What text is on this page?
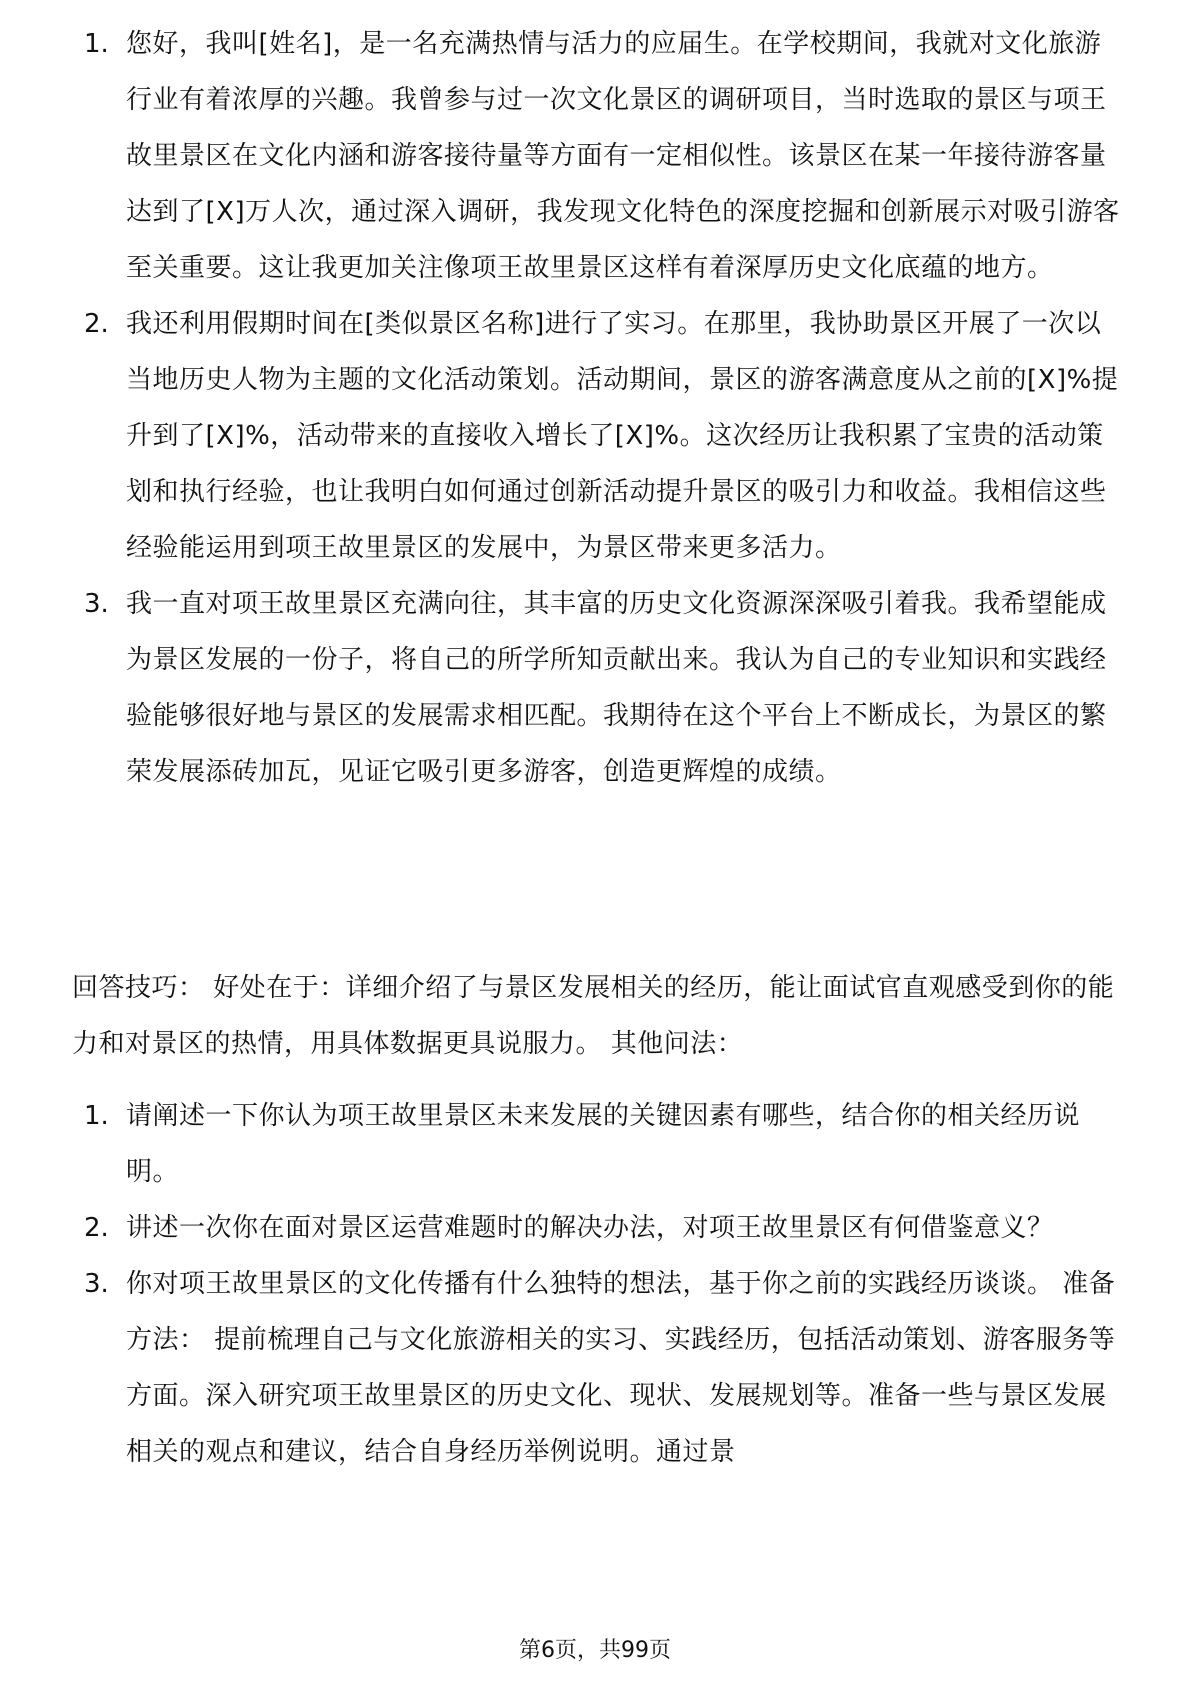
1. 您好，我叫[姓名]，是一名充满热情与活力的应届生。在学校期间，我就对文化旅游行业有着浓厚的兴趣。我曾参与过一次文化景区的调研项目，当时选取的景区与项王故里景区在文化内涵和游客接待量等方面有一定相似性。该景区在某一年接待游客量达到了[X]万人次，通过深入调研，我发现文化特色的深度挖掘和创新展示对吸引游客至关重要。这让我更加关注像项王故里景区这样有着深厚历史文化底蕴的地方。
2. 我还利用假期时间在[类似景区名称]进行了实习。在那里，我协助景区开展了一次以当地历史人物为主题的文化活动策划。活动期间，景区的游客满意度从之前的[X]%提升到了[X]%，活动带来的直接收入增长了[X]%。这次经历让我积累了宝贵的活动策划和执行经验，也让我明白如何通过创新活动提升景区的吸引力和收益。我相信这些经验能运用到项王故里景区的发展中，为景区带来更多活力。
3. 我一直对项王故里景区充满向往，其丰富的历史文化资源深深吸引着我。我希望能成为景区发展的一份子，将自己的所学所知贡献出来。我认为自己的专业知识和实践经验能够很好地与景区的发展需求相匹配。我期待在这个平台上不断成长，为景区的繁荣发展添砖加瓦，见证它吸引更多游客，创造更辉煌的成绩。
回答技巧： 好处在于：详细介绍了与景区发展相关的经历，能让面试官直观感受到你的能力和对景区的热情，用具体数据更具说服力。 其他问法：
1. 请阐述一下你认为项王故里景区未来发展的关键因素有哪些，结合你的相关经历说明。
2. 讲述一次你在面对景区运营难题时的解决办法，对项王故里景区有何借鉴意义？
3. 你对项王故里景区的文化传播有什么独特的想法，基于你之前的实践经历谈谈。 准备方法： 提前梳理自己与文化旅游相关的实习、实践经历，包括活动策划、游客服务等方面。深入研究项王故里景区的历史文化、现状、发展规划等。准备一些与景区发展相关的观点和建议，结合自身经历举例说明。通过景
第6页，共99页
